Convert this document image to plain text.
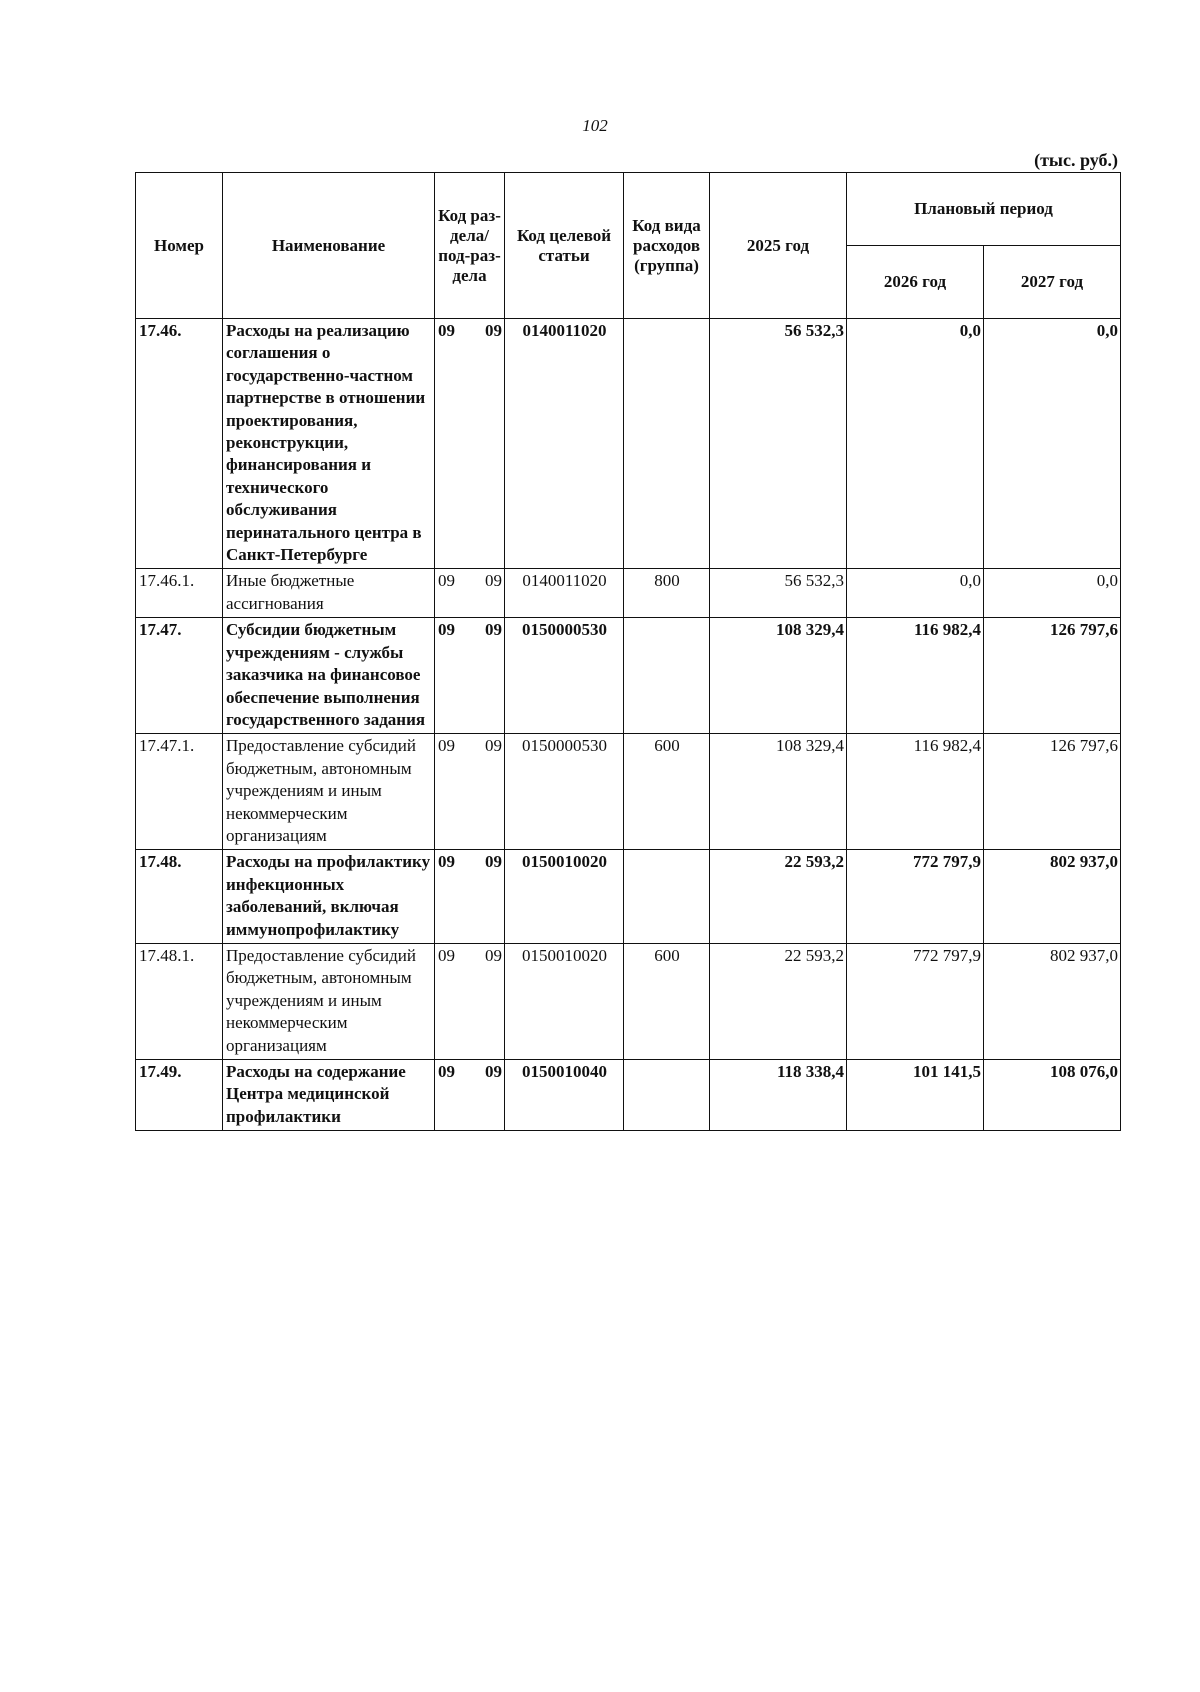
102
(тыс. руб.)
Номер	Наименование	Код раз-дела/ под-раз-дела	Код целевой статьи	Код вида расходов (группа)	2025 год	Плановый период	
						2026 год	2027 год
17.46.	Расходы на реализацию соглашения о государственно-частном партнерстве в отношении проектирования, реконструкции, финансирования и технического обслуживания перинатального центра в Санкт-Петербурге	09 09	0140011020		56 532,3	0,0	0,0
17.46.1.	Иные бюджетные ассигнования	09 09	0140011020	800	56 532,3	0,0	0,0
17.47.	Субсидии бюджетным учреждениям - службы заказчика на финансовое обеспечение выполнения государственного задания	09 09	0150000530		108 329,4	116 982,4	126 797,6
17.47.1.	Предоставление субсидий бюджетным, автономным учреждениям и иным некоммерческим организациям	09 09	0150000530	600	108 329,4	116 982,4	126 797,6
17.48.	Расходы на профилактику инфекционных заболеваний, включая иммунопрофилактику	09 09	0150010020		22 593,2	772 797,9	802 937,0
17.48.1.	Предоставление субсидий бюджетным, автономным учреждениям и иным некоммерческим организациям	09 09	0150010020	600	22 593,2	772 797,9	802 937,0
17.49.	Расходы на содержание Центра медицинской профилактики	09 09	0150010040		118 338,4	101 141,5	108 076,0
